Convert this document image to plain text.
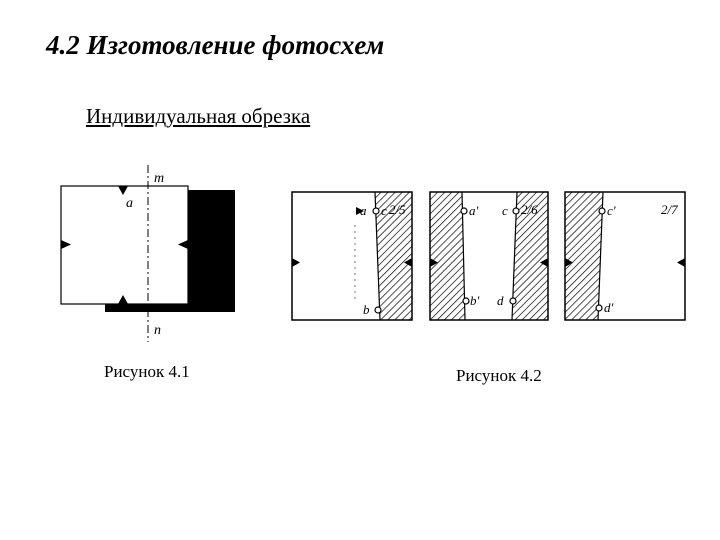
4.2 Изготовление фотосхем
Индивидуальная обрезка
m
a
b
n
Рисунок 4.1
a c 2/5
b
a' c 2/6
b' d
c'	2/7
d'
Рисунок 4.2
